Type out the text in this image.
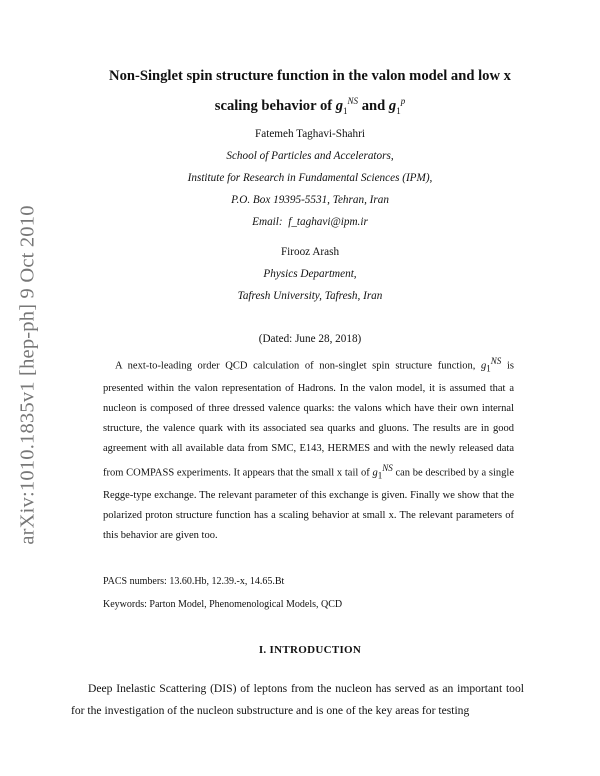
arXiv:1010.1835v1 [hep-ph] 9 Oct 2010
Non-Singlet spin structure function in the valon model and low x
scaling behavior of $g_1^{NS}$ and $g_1^p$
Fatemeh Taghavi-Shahri
School of Particles and Accelerators,
Institute for Research in Fundamental Sciences (IPM),
P.O. Box 19395-5531, Tehran, Iran
Email: f_taghavi@ipm.ir
Firooz Arash
Physics Department,
Tafresh University, Tafresh, Iran
(Dated: June 28, 2018)
A next-to-leading order QCD calculation of non-singlet spin structure function, $g_1^{NS}$ is presented within the valon representation of Hadrons. In the valon model, it is assumed that a nucleon is composed of three dressed valence quarks: the valons which have their own internal structure, the valence quark with its associated sea quarks and gluons. The results are in good agreement with all available data from SMC, E143, HERMES and with the newly released data from COMPASS experiments. It appears that the small x tail of $g_1^{NS}$ can be described by a single Regge-type exchange. The relevant parameter of this exchange is given. Finally we show that the polarized proton structure function has a scaling behavior at small x. The relevant parameters of this behavior are given too.
PACS numbers: 13.60.Hb, 12.39.-x, 14.65.Bt
Keywords: Parton Model, Phenomenological Models, QCD
I. INTRODUCTION
Deep Inelastic Scattering (DIS) of leptons from the nucleon has served as an important tool for the investigation of the nucleon substructure and is one of the key areas for testing
